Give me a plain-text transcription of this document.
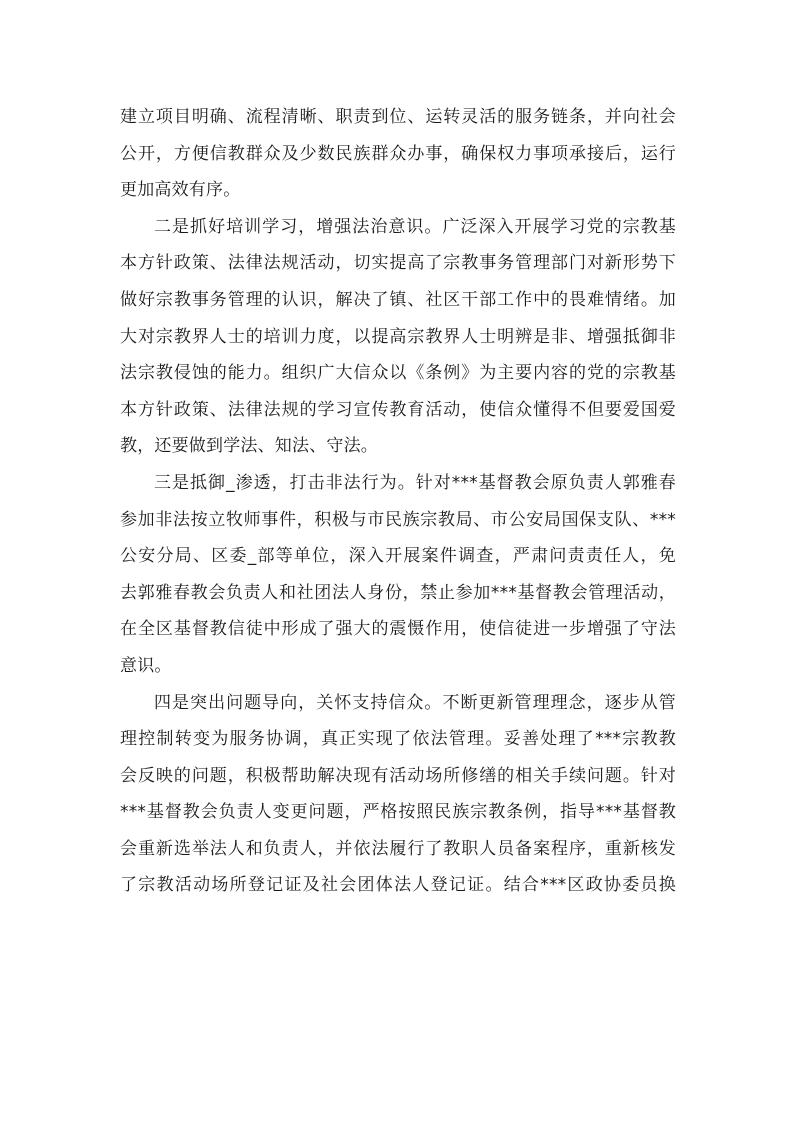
建立项目明确、流程清晰、职责到位、运转灵活的服务链条，并向社会
公开，方便信教群众及少数民族群众办事，确保权力事项承接后，运行
更加高效有序。

二是抓好培训学习，增强法治意识。广泛深入开展学习党的宗教基
本方针政策、法律法规活动，切实提高了宗教事务管理部门对新形势下
做好宗教事务管理的认识，解决了镇、社区干部工作中的畏难情绪。加
大对宗教界人士的培训力度，以提高宗教界人士明辨是非、增强抵御非
法宗教侵蚀的能力。组织广大信众以《条例》为主要内容的党的宗教基
本方针政策、法律法规的学习宣传教育活动，使信众懂得不但要爱国爱
教，还要做到学法、知法、守法。

三是抵御_渗透，打击非法行为。针对***基督教会原负责人郭雅春
参加非法按立牧师事件，积极与市民族宗教局、市公安局国保支队、***
公安分局、区委_部等单位，深入开展案件调查，严肃问责责任人，免
去郭雅春教会负责人和社团法人身份，禁止参加***基督教会管理活动，
在全区基督教信徒中形成了强大的震慑作用，使信徒进一步增强了守法
意识。

四是突出问题导向，关怀支持信众。不断更新管理理念，逐步从管
理控制转变为服务协调，真正实现了依法管理。妥善处理了***宗教教
会反映的问题，积极帮助解决现有活动场所修缮的相关手续问题。针对
***基督教会负责人变更问题，严格按照民族宗教条例，指导***基督教
会重新选举法人和负责人，并依法履行了教职人员备案程序，重新核发
了宗教活动场所登记证及社会团体法人登记证。结合***区政协委员换
